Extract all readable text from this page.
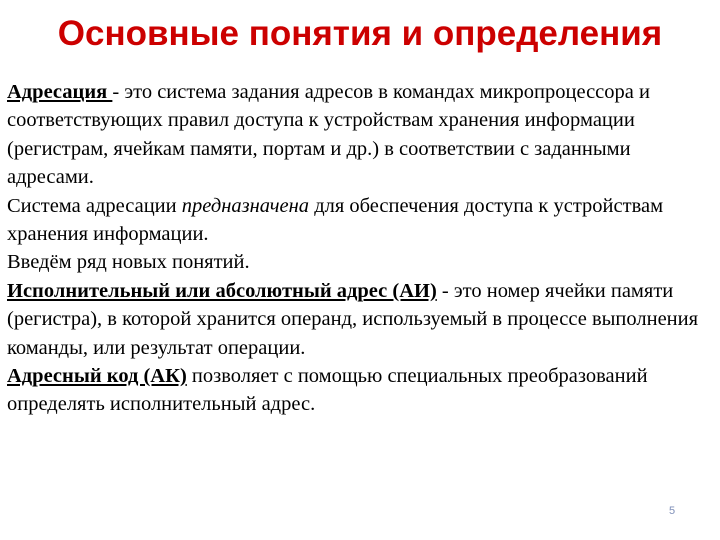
Основные понятия и определения

Адресация - это система задания адресов в командах микропроцессора и соответствующих правил доступа к устройствам хранения информации (регистрам, ячейкам памяти, портам и др.) в соответствии с заданными адресами.

Система адресации предназначена для обеспечения доступа к устройствам хранения информации.

Введём ряд новых понятий.

Исполнительный или абсолютный адрес (АИ) - это номер ячейки памяти (регистра), в которой хранится операнд, используемый в процессе выполнения команды, или результат операции.

Адресный код (АК) позволяет с помощью специальных преобразований определять исполнительный адрес.

5
